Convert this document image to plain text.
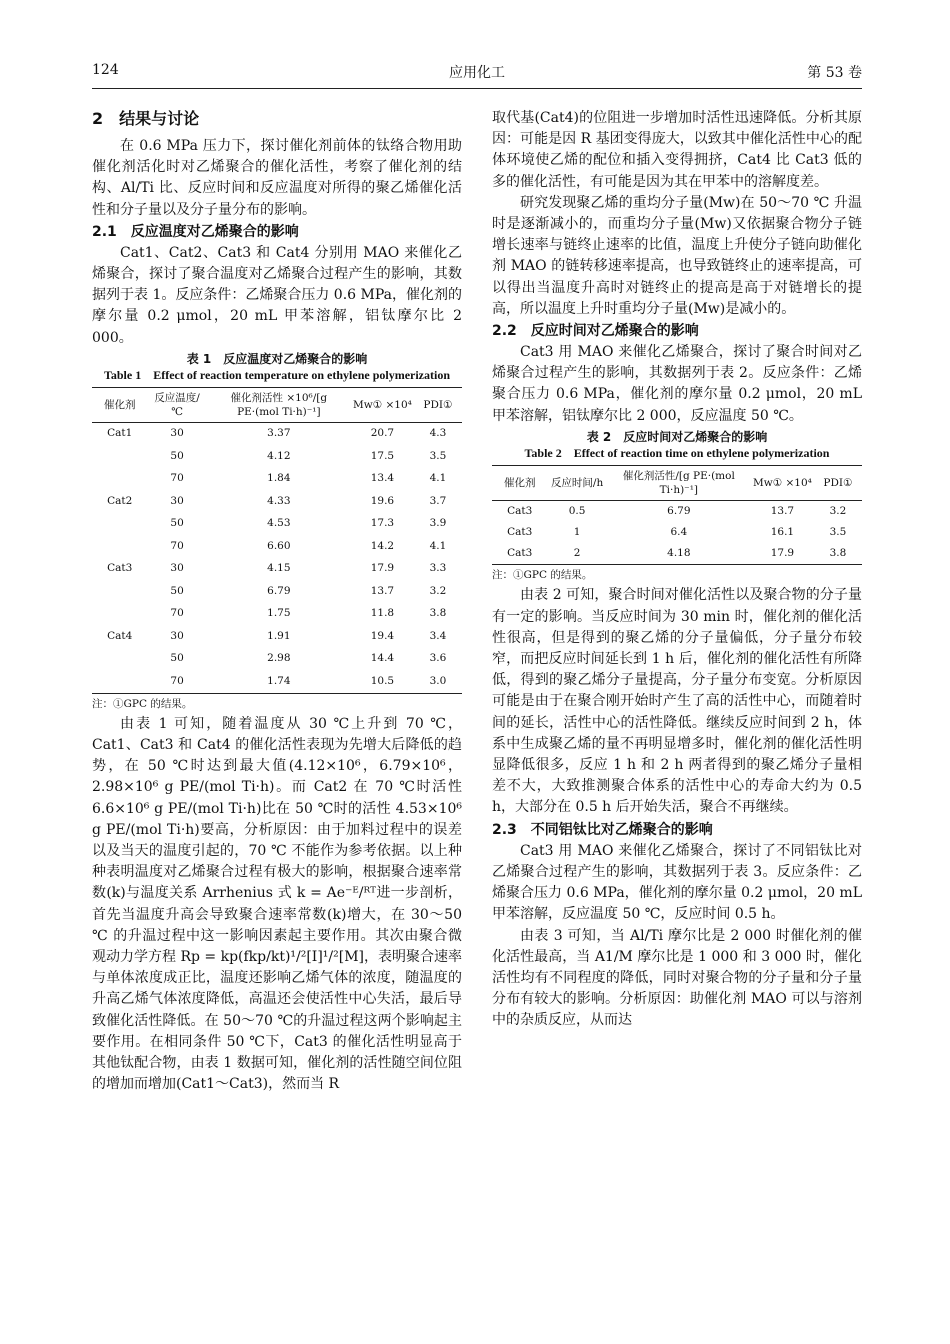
124	应用化工	第 53 卷
2　结果与讨论

在 0.6 MPa 压力下，探讨催化剂前体的钛络合物用助催化剂活化时对乙烯聚合的催化活性，考察了催化剂的结构、Al/Ti 比、反应时间和反应温度对所得的聚乙烯催化活性和分子量以及分子量分布的影响。

2.1　反应温度对乙烯聚合的影响

Cat1、Cat2、Cat3 和 Cat4 分别用 MAO 来催化乙烯聚合，探讨了聚合温度对乙烯聚合过程产生的影响，其数据列于表 1。反应条件：乙烯聚合压力 0.6 MPa，催化剂的摩尔量 0.2 μmol，20 mL 甲苯溶解，铝钛摩尔比 2 000。

表 1　反应温度对乙烯聚合的影响
Table 1　Effect of reaction temperature on ethylene polymerization
催化剂	反应温度/℃	催化剂活性 ×10⁶/[g PE·(mol Ti·h)⁻¹]	Mw① ×10⁴	PDI①
Cat1	30	3.37	20.7	4.3
	50	4.12	17.5	3.5
	70	1.84	13.4	4.1
Cat2	30	4.33	19.6	3.7
	50	4.53	17.3	3.9
	70	6.60	14.2	4.1
Cat3	30	4.15	17.9	3.3
	50	6.79	13.7	3.2
	70	1.75	11.8	3.8
Cat4	30	1.91	19.4	3.4
	50	2.98	14.4	3.6
	70	1.74	10.5	3.0
注：①GPC 的结果。

由表 1 可知，随着温度从 30 ℃上升到 70 ℃，Cat1、Cat3 和 Cat4 的催化活性表现为先增大后降低的趋势，在 50 ℃时达到最大值(4.12×10⁶，6.79×10⁶，2.98×10⁶ g PE/(mol Ti·h)。而 Cat2 在 70 ℃时活性 6.6×10⁶ g PE/(mol Ti·h)比在 50 ℃时的活性 4.53×10⁶ g PE/(mol Ti·h)要高，分析原因：由于加料过程中的误差以及当天的温度引起的，70 ℃ 不能作为参考依据。以上种种表明温度对乙烯聚合过程有极大的影响，根据聚合速率常数(k)与温度关系 Arrhenius 式 k = Ae⁻ᴱ/ᴿᵀ进一步剖析，首先当温度升高会导致聚合速率常数(k)增大，在 30～50 ℃ 的升温过程中这一影响因素起主要作用。其次由聚合微观动力学方程 Rp = kp(fkp/kt)¹/²[I]¹/²[M]，表明聚合速率与单体浓度成正比，温度还影响乙烯气体的浓度，随温度的升高乙烯气体浓度降低，高温还会使活性中心失活，最后导致催化活性降低。在 50～70 ℃的升温过程这两个影响起主要作用。在相同条件 50 ℃下，Cat3 的催化活性明显高于其他钛配合物，由表 1 数据可知，催化剂的活性随空间位阻的增加而增加(Cat1～Cat3)，然而当 R

取代基(Cat4)的位阻进一步增加时活性迅速降低。分析其原因：可能是因 R 基团变得庞大，以致其中催化活性中心的配体环境使乙烯的配位和插入变得拥挤，Cat4 比 Cat3 低的多的催化活性，有可能是因为其在甲苯中的溶解度差。

研究发现聚乙烯的重均分子量(Mw)在 50～70 ℃ 升温时是逐渐减小的，而重均分子量(Mw)又依据聚合物分子链增长速率与链终止速率的比值，温度上升使分子链向助催化剂 MAO 的链转移速率提高，也导致链终止的速率提高，可以得出当温度升高时对链终止的提高是高于对链增长的提高，所以温度上升时重均分子量(Mw)是减小的。

2.2　反应时间对乙烯聚合的影响

Cat3 用 MAO 来催化乙烯聚合，探讨了聚合时间对乙烯聚合过程产生的影响，其数据列于表 2。反应条件：乙烯聚合压力 0.6 MPa，催化剂的摩尔量 0.2 μmol，20 mL 甲苯溶解，铝钛摩尔比 2 000，反应温度 50 ℃。

表 2　反应时间对乙烯聚合的影响
Table 2　Effect of reaction time on ethylene polymerization
催化剂	反应时间/h	催化剂活性/[g PE·(mol Ti·h)⁻¹]	Mw① ×10⁴	PDI①
Cat3	0.5	6.79	13.7	3.2
Cat3	1	6.4	16.1	3.5
Cat3	2	4.18	17.9	3.8
注：①GPC 的结果。

由表 2 可知，聚合时间对催化活性以及聚合物的分子量有一定的影响。当反应时间为 30 min 时，催化剂的催化活性很高，但是得到的聚乙烯的分子量偏低，分子量分布较窄，而把反应时间延长到 1 h 后，催化剂的催化活性有所降低，得到的聚乙烯分子量提高，分子量分布变宽。分析原因可能是由于在聚合刚开始时产生了高的活性中心，而随着时间的延长，活性中心的活性降低。继续反应时间到 2 h，体系中生成聚乙烯的量不再明显增多时，催化剂的催化活性明显降低很多，反应 1 h 和 2 h 两者得到的聚乙烯分子量相差不大，大致推测聚合体系的活性中心的寿命大约为 0.5 h，大部分在 0.5 h 后开始失活，聚合不再继续。

2.3　不同铝钛比对乙烯聚合的影响

Cat3 用 MAO 来催化乙烯聚合，探讨了不同铝钛比对乙烯聚合过程产生的影响，其数据列于表 3。反应条件：乙烯聚合压力 0.6 MPa，催化剂的摩尔量 0.2 μmol，20 mL 甲苯溶解，反应温度 50 ℃，反应时间 0.5 h。

由表 3 可知，当 Al/Ti 摩尔比是 2 000 时催化剂的催化活性最高，当 A1/M 摩尔比是 1 000 和 3 000 时，催化活性均有不同程度的降低，同时对聚合物的分子量和分子量分布有较大的影响。分析原因：助催化剂 MAO 可以与溶剂中的杂质反应，从而达
